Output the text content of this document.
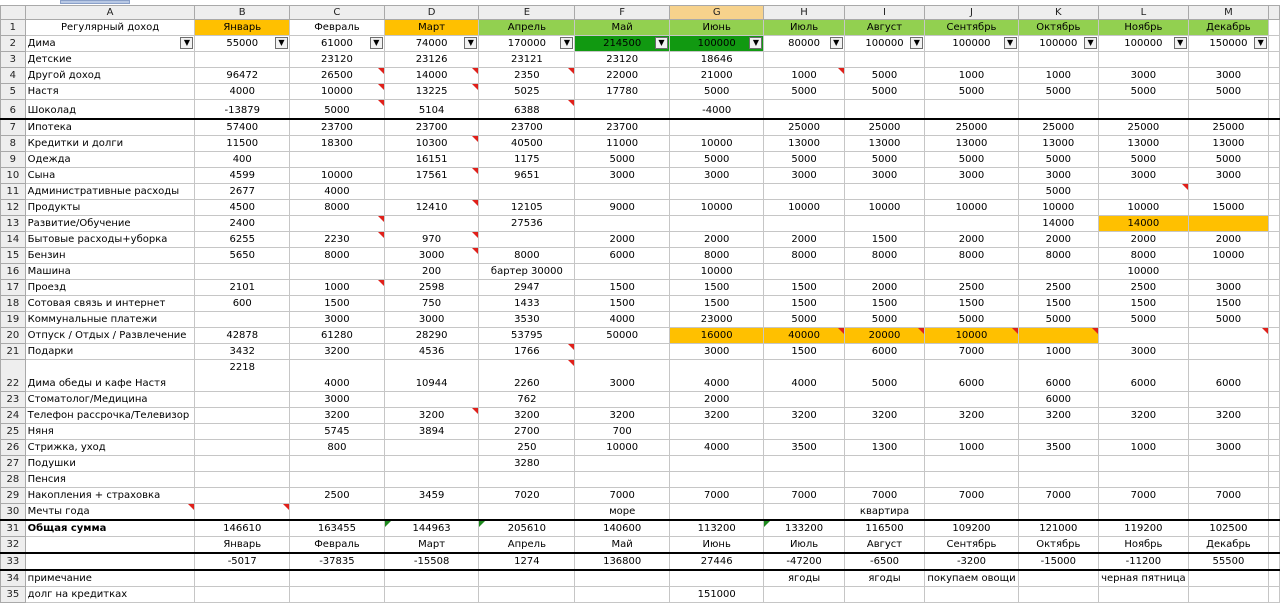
	A	B	C	D	E	F	G	H	I	J	K	L	M	
1	Регулярный доход	Январь	Февраль	Март	Апрель	Май	Июнь	Июль	Август	Сентябрь	Октябрь	Ноябрь	Декабрь	
2	Дима ▼	55000 ▼	61000 ▼	74000 ▼	170000 ▼	214500 ▼	100000 ▼	80000 ▼	100000 ▼	100000 ▼	100000 ▼	100000 ▼	150000 ▼	

3	Детские		23120	23126	23121	23120	18646							
4	Другой доход	96472	26500	14000	2350	22000	21000	1000	5000	1000	1000	3000	3000	
5	Настя	4000	10000	13225	5025	17780	5000	5000	5000	5000	5000	5000	5000	
6	Шоколад	-13879	5000	5104	6388		-4000							
7	Ипотека	57400	23700	23700	23700	23700		25000	25000	25000	25000	25000	25000	
8	Кредитки и долги	11500	18300	10300	40500	11000	10000	13000	13000	13000	13000	13000	13000	
9	Одежда	400		16151	1175	5000	5000	5000	5000	5000	5000	5000	5000	
10	Сына	4599	10000	17561	9651	3000	3000	3000	3000	3000	3000	3000	3000	
11	Административные расходы	2677	4000								5000			
12	Продукты	4500	8000	12410	12105	9000	10000	10000	10000	10000	10000	10000	15000	
13	Развитие/Обучение	2400			27536						14000	14000		
14	Бытовые расходы+уборка	6255	2230	970		2000	2000	2000	1500	2000	2000	2000	2000	
15	Бензин	5650	8000	3000	8000	6000	8000	8000	8000	8000	8000	8000	10000	
16	Машина			200	бартер 30000		10000					10000		
17	Проезд	2101	1000	2598	2947	1500	1500	1500	2000	2500	2500	2500	3000	
18	Сотовая связь и интернет	600	1500	750	1433	1500	1500	1500	1500	1500	1500	1500	1500	
19	Коммунальные платежи		3000	3000	3530	4000	23000	5000	5000	5000	5000	5000	5000	
20	Отпуск / Отдых / Развлечение	42878	61280	28290	53795	50000	16000	40000	20000	10000				
21	Подарки	3432	3200	4536	1766		3000	1500	6000	7000	1000	3000		
22	Дима обеды и кафе Настя	2218	4000	10944	2260	3000	4000	4000	5000	6000	6000	6000	6000	
23	Стоматолог/Медицина		3000		762		2000				6000			
24	Телефон рассрочка/Телевизор		3200	3200	3200	3200	3200	3200	3200	3200	3200	3200	3200	
25	Няня		5745	3894	2700	700								
26	Стрижка, уход		800		250	10000	4000	3500	1300	1000	3500	1000	3000	
27	Подушки				3280									
28	Пенсия													
29	Накопления + страховка		2500	3459	7020	7000	7000	7000	7000	7000	7000	7000	7000	
30	Мечты года					море			квартира					
31	Общая сумма	146610	163455	144963	205610	140600	113200	133200	116500	109200	121000	119200	102500	
32		Январь	Февраль	Март	Апрель	Май	Июнь	Июль	Август	Сентябрь	Октябрь	Ноябрь	Декабрь	
33		-5017	-37835	-15508	1274	136800	27446	-47200	-6500	-3200	-15000	-11200	55500	
34	примечание							ягоды	ягоды	покупаем овощи		черная пятница		
35	долг на кредитках						151000							
